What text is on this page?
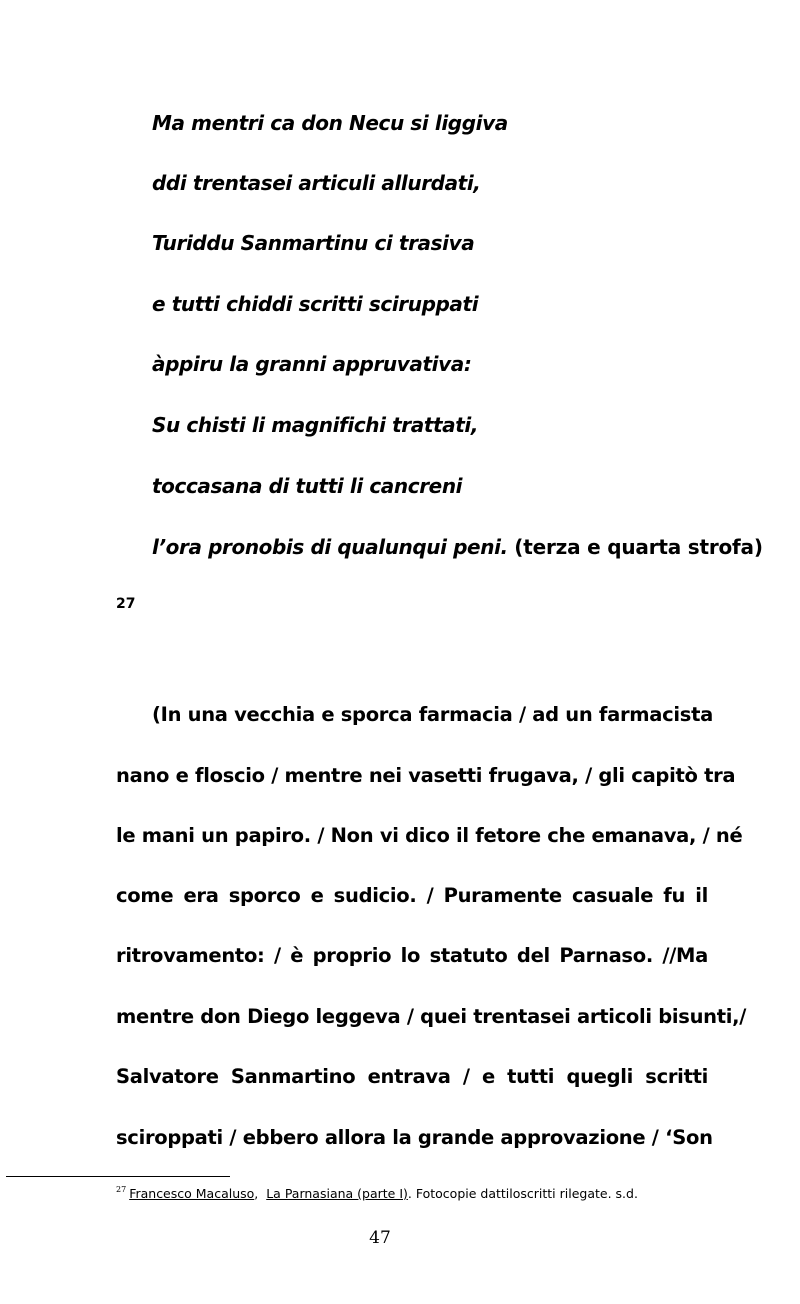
Ma mentri ca don Necu si liggiva

ddi trentasei articuli allurdati,

Turiddu Sanmartinu ci trasiva

e tutti chiddi scritti sciruppati

àppiru la granni appruvativa:

Su chisti li magnifichi trattati,

toccasana di tutti li cancreni

l’ora pronobis di qualunqui peni. (terza e quarta strofa)

27

(In una vecchia e sporca farmacia / ad un farmacista

nano e floscio / mentre nei vasetti frugava, / gli capitò tra

le mani un papiro. / Non vi dico il fetore che emanava, / né

come era sporco e sudicio. / Puramente casuale fu il

ritrovamento: / è proprio lo statuto del Parnaso. //Ma

mentre don Diego leggeva / quei trentasei articoli bisunti,/

Salvatore Sanmartino entrava / e tutti quegli scritti

sciroppati / ebbero allora la grande approvazione / ‘Son

$^{27}$ Francesco Macaluso,  La Parnasiana (parte I). Fotocopie dattiloscritti rilegate. s.d.
47
